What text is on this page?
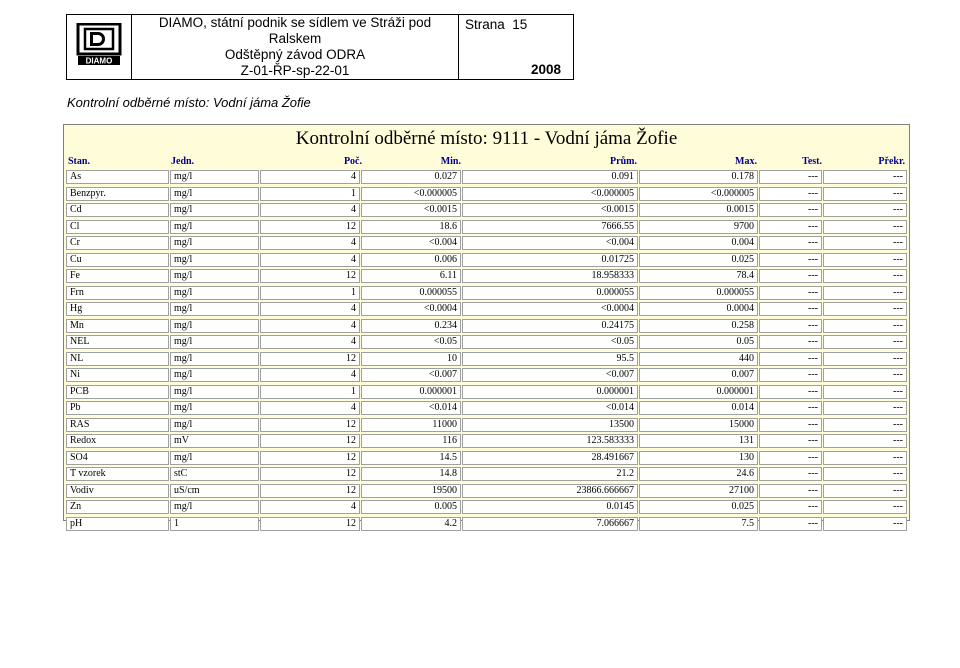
DIAMO

DIAMO, státní podnik se sídlem ve Stráži pod Ralskem
Odštěpný závod ODRA
Z-01-ŘP-sp-22-01

Strana 15
2008
Kontrolní odběrné místo: Vodní jáma Žofie
Kontrolní odběrné místo: 9111 - Vodní jáma Žofie
Stan.	Jedn.	Poč.	Min.	Prům.	Max.	Test.	Překr.
As	mg/l	4	0.027	0.091	0.178	---	---
Benzpyr.	mg/l	1	<0.000005	<0.000005	<0.000005	---	---
Cd	mg/l	4	<0.0015	<0.0015	0.0015	---	---
Cl	mg/l	12	18.6	7666.55	9700	---	---
Cr	mg/l	4	<0.004	<0.004	0.004	---	---
Cu	mg/l	4	0.006	0.01725	0.025	---	---
Fe	mg/l	12	6.11	18.958333	78.4	---	---
Frn	mg/l	1	0.000055	0.000055	0.000055	---	---
Hg	mg/l	4	<0.0004	<0.0004	0.0004	---	---
Mn	mg/l	4	0.234	0.24175	0.258	---	---
NEL	mg/l	4	<0.05	<0.05	0.05	---	---
NL	mg/l	12	10	95.5	440	---	---
Ni	mg/l	4	<0.007	<0.007	0.007	---	---
PCB	mg/l	1	0.000001	0.000001	0.000001	---	---
Pb	mg/l	4	<0.014	<0.014	0.014	---	---
RAS	mg/l	12	11000	13500	15000	---	---
Redox	mV	12	116	123.583333	131	---	---
SO4	mg/l	12	14.5	28.491667	130	---	---
T vzorek	stC	12	14.8	21.2	24.6	---	---
Vodiv	uS/cm	12	19500	23866.666667	27100	---	---
Zn	mg/l	4	0.005	0.0145	0.025	---	---
pH	1	12	4.2	7.066667	7.5	---	---
